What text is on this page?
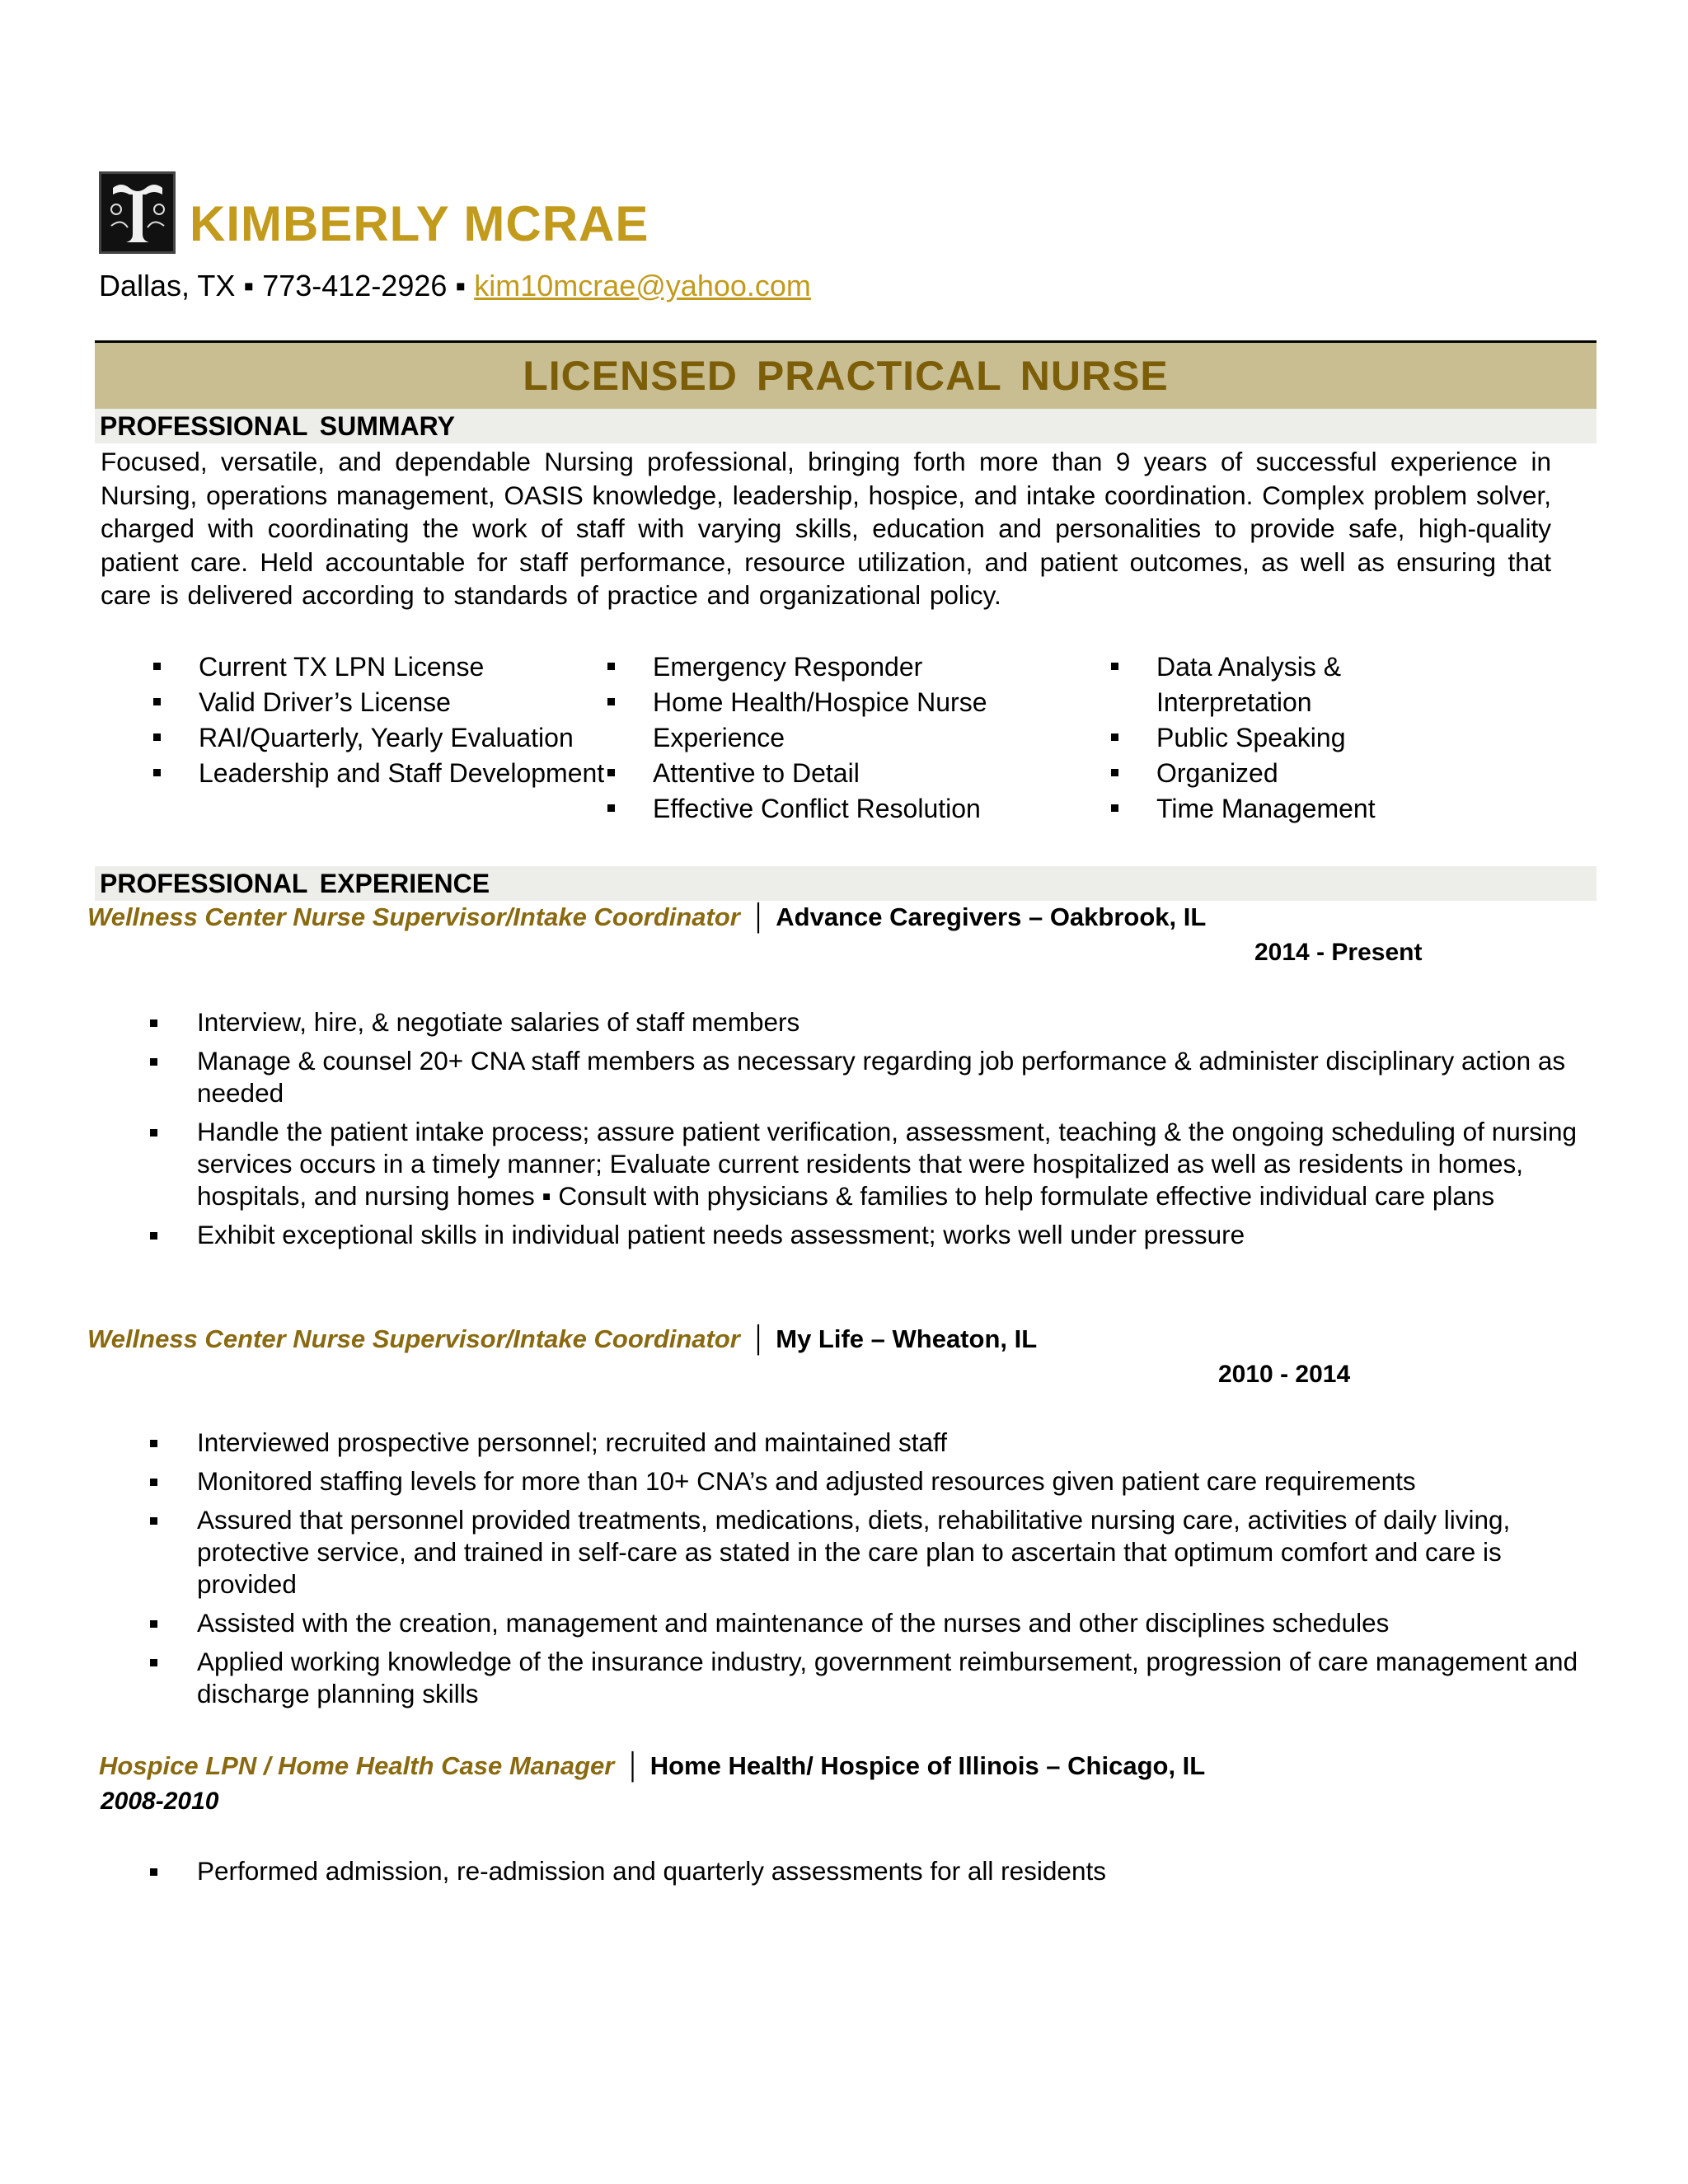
KIMBERLY MCRAE
Dallas, TX ▪ 773-412-2926 ▪ kim10mcrae@yahoo.com
LICENSED PRACTICAL NURSE
PROFESSIONAL SUMMARY
Focused, versatile, and dependable Nursing professional, bringing forth more than 9 years of successful experience in Nursing, operations management, OASIS knowledge, leadership, hospice, and intake coordination. Complex problem solver, charged with coordinating the work of staff with varying skills, education and personalities to provide safe, high-quality patient care. Held accountable for staff performance, resource utilization, and patient outcomes, as well as ensuring that care is delivered according to standards of practice and organizational policy.
Current TX LPN License
Valid Driver’s License
RAI/Quarterly, Yearly Evaluation
Leadership and Staff Development
Emergency Responder
Home Health/Hospice Nurse Experience
Attentive to Detail
Effective Conflict Resolution
Data Analysis & Interpretation
Public Speaking
Organized
Time Management
PROFESSIONAL EXPERIENCE
Wellness Center Nurse Supervisor/Intake Coordinator │ Advance Caregivers – Oakbrook, IL
2014 - Present
Interview, hire, & negotiate salaries of staff members
Manage & counsel 20+ CNA staff members as necessary regarding job performance & administer disciplinary action as needed
Handle the patient intake process; assure patient verification, assessment, teaching & the ongoing scheduling of nursing services occurs in a timely manner; Evaluate current residents that were hospitalized as well as residents in homes, hospitals, and nursing homes ▪ Consult with physicians & families to help formulate effective individual care plans
Exhibit exceptional skills in individual patient needs assessment; works well under pressure
Wellness Center Nurse Supervisor/Intake Coordinator │ My Life – Wheaton, IL
2010 - 2014
Interviewed prospective personnel; recruited and maintained staff
Monitored staffing levels for more than 10+ CNA’s and adjusted resources given patient care requirements
Assured that personnel provided treatments, medications, diets, rehabilitative nursing care, activities of daily living, protective service, and trained in self-care as stated in the care plan to ascertain that optimum comfort and care is provided
Assisted with the creation, management and maintenance of the nurses and other disciplines schedules
Applied working knowledge of the insurance industry, government reimbursement, progression of care management and discharge planning skills
Hospice LPN / Home Health Case Manager │ Home Health/ Hospice of Illinois – Chicago, IL
2008-2010
Performed admission, re-admission and quarterly assessments for all residents
